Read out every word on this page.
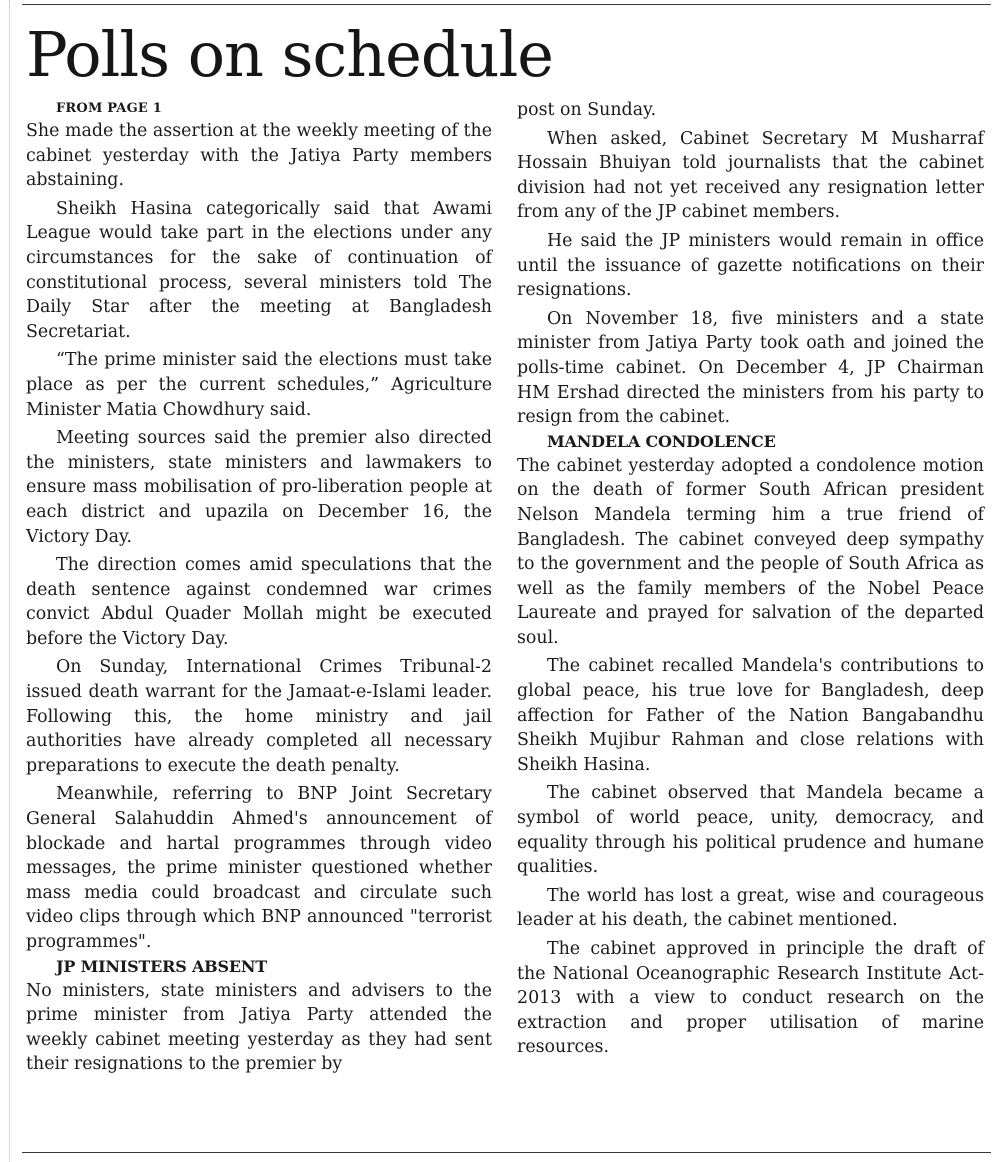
Polls on schedule

FROM PAGE 1

She made the assertion at the weekly meeting of the cabinet yesterday with the Jatiya Party members abstaining.

Sheikh Hasina categorically said that Awami League would take part in the elections under any circumstances for the sake of continuation of constitutional process, several ministers told The Daily Star after the meeting at Bangladesh Secretariat.

“The prime minister said the elections must take place as per the current schedules,” Agriculture Minister Matia Chowdhury said.

Meeting sources said the premier also directed the ministers, state ministers and lawmakers to ensure mass mobilisation of pro-liberation people at each district and upazila on December 16, the Victory Day.

The direction comes amid speculations that the death sentence against condemned war crimes convict Abdul Quader Mollah might be executed before the Victory Day.

On Sunday, International Crimes Tribunal-2 issued death warrant for the Jamaat-e-Islami leader. Following this, the home ministry and jail authorities have already completed all necessary preparations to execute the death penalty.

Meanwhile, referring to BNP Joint Secretary General Salahuddin Ahmed's announcement of blockade and hartal programmes through video messages, the prime minister questioned whether mass media could broadcast and circulate such video clips through which BNP announced "terrorist programmes".

JP MINISTERS ABSENT

No ministers, state ministers and advisers to the prime minister from Jatiya Party attended the weekly cabinet meeting yesterday as they had sent their resignations to the premier by

post on Sunday.

When asked, Cabinet Secretary M Musharraf Hossain Bhuiyan told journalists that the cabinet division had not yet received any resignation letter from any of the JP cabinet members.

He said the JP ministers would remain in office until the issuance of gazette notifications on their resignations.

On November 18, five ministers and a state minister from Jatiya Party took oath and joined the polls-time cabinet. On December 4, JP Chairman HM Ershad directed the ministers from his party to resign from the cabinet.

MANDELA CONDOLENCE

The cabinet yesterday adopted a condolence motion on the death of former South African president Nelson Mandela terming him a true friend of Bangladesh. The cabinet conveyed deep sympathy to the government and the people of South Africa as well as the family members of the Nobel Peace Laureate and prayed for salvation of the departed soul.

The cabinet recalled Mandela's contributions to global peace, his true love for Bangladesh, deep affection for Father of the Nation Bangabandhu Sheikh Mujibur Rahman and close relations with Sheikh Hasina.

The cabinet observed that Mandela became a symbol of world peace, unity, democracy, and equality through his political prudence and humane qualities.

The world has lost a great, wise and courageous leader at his death, the cabinet mentioned.

The cabinet approved in principle the draft of the National Oceanographic Research Institute Act- 2013 with a view to conduct research on the extraction and proper utilisation of marine resources.
